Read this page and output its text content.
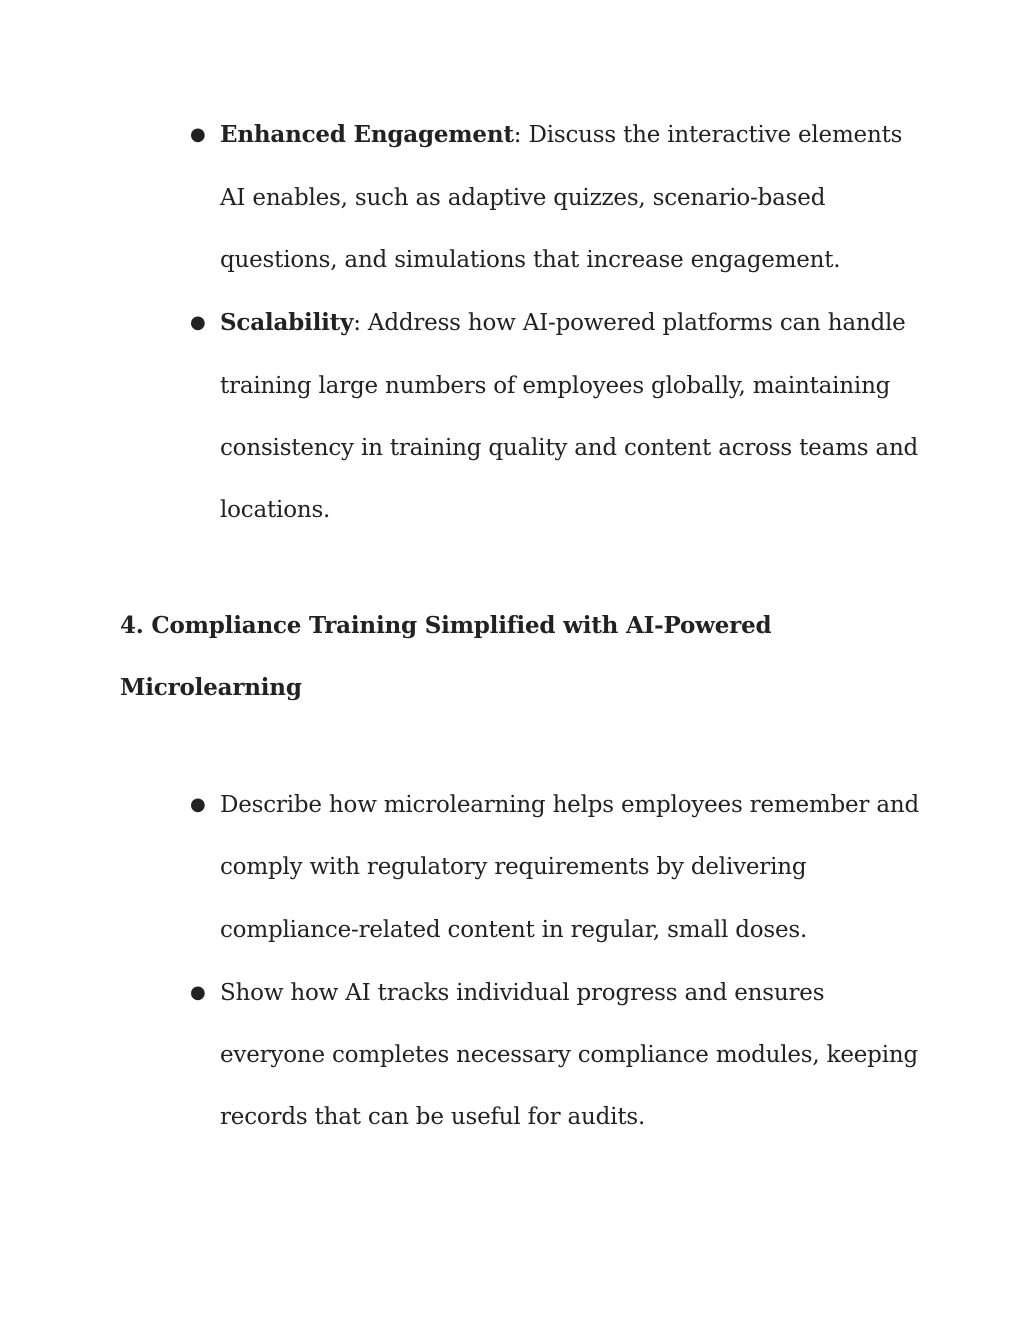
● Enhanced Engagement: Discuss the interactive elements
AI enables, such as adaptive quizzes, scenario-based
questions, and simulations that increase engagement.
● Scalability: Address how AI-powered platforms can handle
training large numbers of employees globally, maintaining
consistency in training quality and content across teams and
locations.
4. Compliance Training Simplified with AI-Powered
Microlearning
● Describe how microlearning helps employees remember and
comply with regulatory requirements by delivering
compliance-related content in regular, small doses.
● Show how AI tracks individual progress and ensures
everyone completes necessary compliance modules, keeping
records that can be useful for audits.
